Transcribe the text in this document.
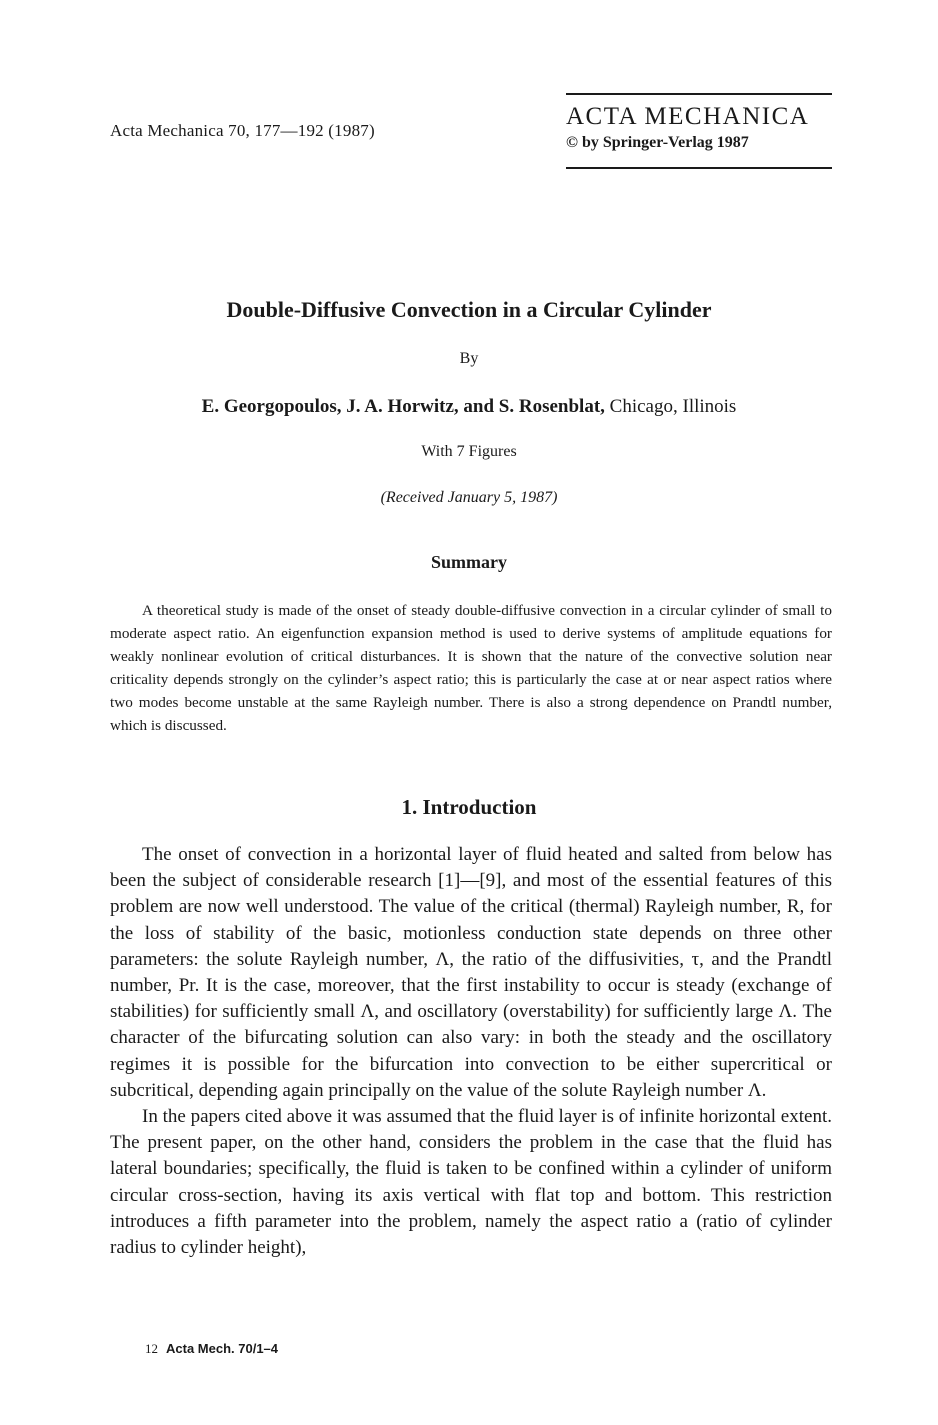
Acta Mechanica 70, 177—192 (1987)
ACTA MECHANICA
© by Springer-Verlag 1987
Double-Diffusive Convection in a Circular Cylinder
By
E. Georgopoulos, J. A. Horwitz, and S. Rosenblat, Chicago, Illinois
With 7 Figures
(Received January 5, 1987)
Summary

A theoretical study is made of the onset of steady double-diffusive convection in a circular cylinder of small to moderate aspect ratio. An eigenfunction expansion method is used to derive systems of amplitude equations for weakly nonlinear evolution of critical disturbances. It is shown that the nature of the convective solution near criticality depends strongly on the cylinder’s aspect ratio; this is particularly the case at or near aspect ratios where two modes become unstable at the same Rayleigh number. There is also a strong dependence on Prandtl number, which is discussed.

1. Introduction

The onset of convection in a horizontal layer of fluid heated and salted from below has been the subject of considerable research [1]—[9], and most of the essential features of this problem are now well understood. The value of the critical (thermal) Rayleigh number, R, for the loss of stability of the basic, motionless conduction state depends on three other parameters: the solute Rayleigh number, Λ, the ratio of the diffusivities, τ, and the Prandtl number, Pr. It is the case, moreover, that the first instability to occur is steady (exchange of stabilities) for sufficiently small Λ, and oscillatory (overstability) for sufficiently large Λ. The character of the bifurcating solution can also vary: in both the steady and the oscillatory regimes it is possible for the bifurcation into convection to be either supercritical or subcritical, depending again principally on the value of the solute Rayleigh number Λ.

In the papers cited above it was assumed that the fluid layer is of infinite horizontal extent. The present paper, on the other hand, considers the problem in the case that the fluid has lateral boundaries; specifically, the fluid is taken to be confined within a cylinder of uniform circular cross-section, having its axis vertical with flat top and bottom. This restriction introduces a fifth parameter into the problem, namely the aspect ratio a (ratio of cylinder radius to cylinder height),

12 Acta Mech. 70/1–4
